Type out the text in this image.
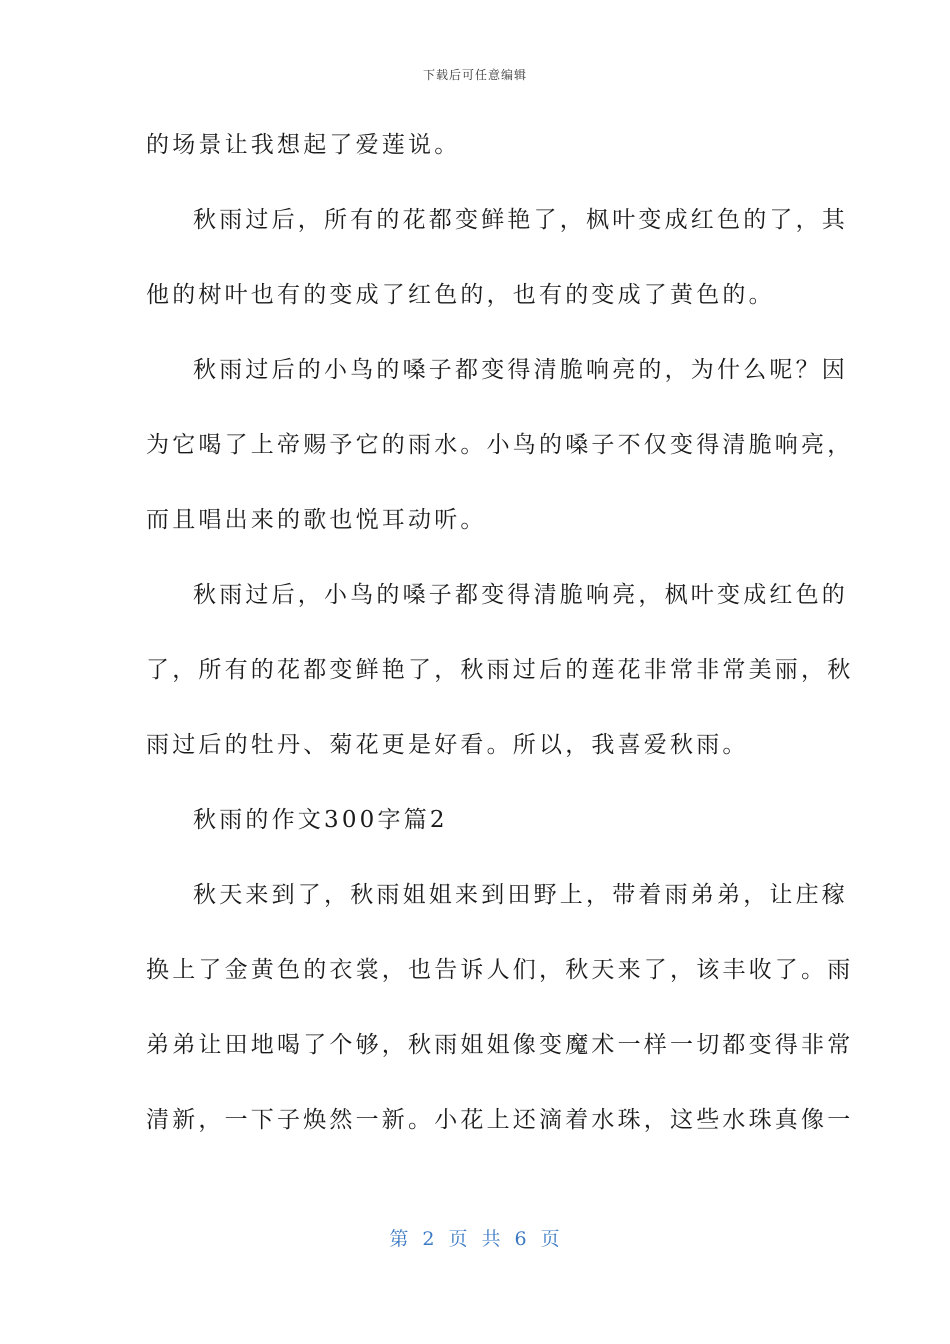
下载后可任意编辑
的场景让我想起了爱莲说。
秋雨过后，所有的花都变鲜艳了，枫叶变成红色的了，其
他的树叶也有的变成了红色的，也有的变成了黄色的。
秋雨过后的小鸟的嗓子都变得清脆响亮的，为什么呢？因
为它喝了上帝赐予它的雨水。小鸟的嗓子不仅变得清脆响亮，
而且唱出来的歌也悦耳动听。
秋雨过后，小鸟的嗓子都变得清脆响亮，枫叶变成红色的
了，所有的花都变鲜艳了，秋雨过后的莲花非常非常美丽，秋
雨过后的牡丹、菊花更是好看。所以，我喜爱秋雨。
秋雨的作文300字篇2
秋天来到了，秋雨姐姐来到田野上，带着雨弟弟，让庄稼
换上了金黄色的衣裳，也告诉人们，秋天来了，该丰收了。雨
弟弟让田地喝了个够，秋雨姐姐像变魔术一样一切都变得非常
清新，一下子焕然一新。小花上还滴着水珠，这些水珠真像一
第 2 页 共 6 页
